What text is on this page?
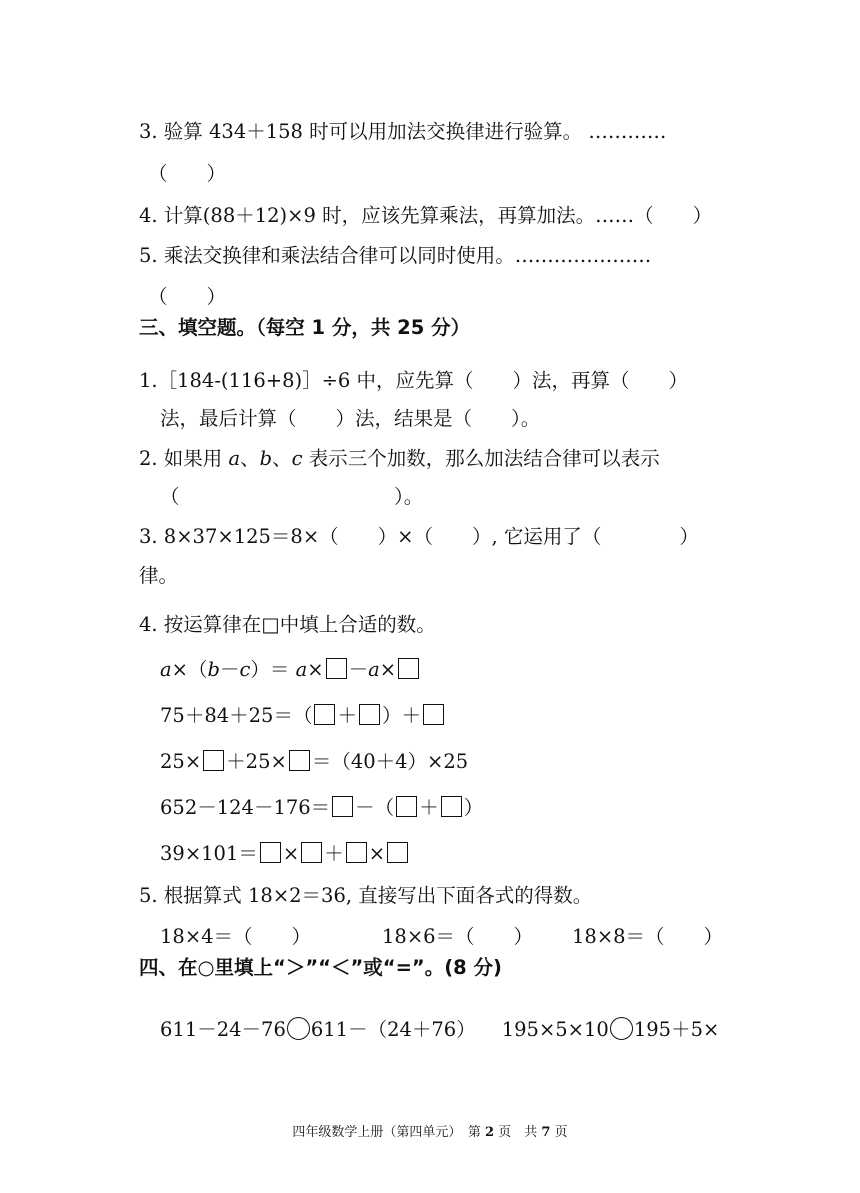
3. 验算 434＋158 时可以用加法交换律进行验算。 …………
（　　）
4. 计算(88＋12)×9 时，应该先算乘法，再算加法。……（　　）
5. 乘法交换律和乘法结合律可以同时使用。…………………
（　　）
三、填空题。（每空 1 分，共 25 分）
1.［184-(116+8)］÷6 中，应先算（　　）法，再算（　　）
法，最后计算（　　）法，结果是（　　）。
2. 如果用 a、b、c 表示三个加数，那么加法结合律可以表示
（　　　　　　　　　　　）。
3. 8×37×125＝8×（　　）×（　　）, 它运用了（　　　　）
律。
4. 按运算律在□中填上合适的数。
a×（b－c）＝ a× －a×
75＋84＋25＝（ ＋ ）＋
25× ＋25× ＝（40＋4）×25
652－124－176＝ －（ ＋ ）
39×101＝ × ＋ ×
5. 根据算式 18×2＝36, 直接写出下面各式的得数。
18×4＝（　　）	18×6＝（　　） 18×8＝（　　）
四、在○里填上“＞”“＜”或“=”。(8 分)
611－24－76 611－（24＋76） 195×5×10 195＋5×
四年级数学上册（第四单元）　第 2 页　共 7 页
